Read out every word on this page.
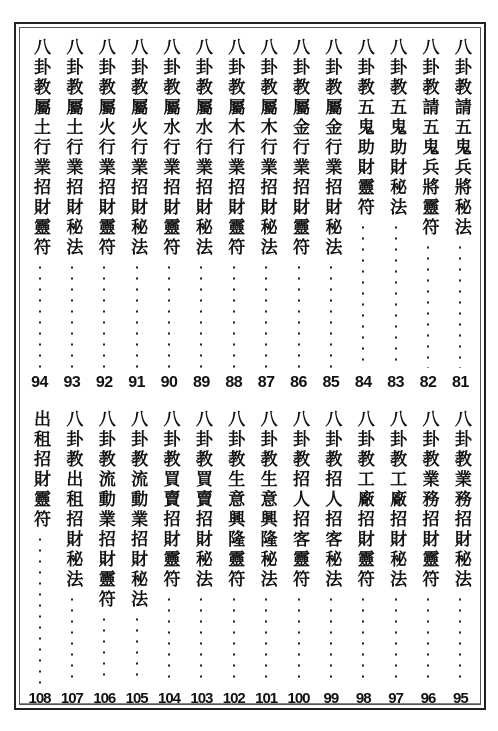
八卦教請五鬼兵將秘法
81
八卦教請五鬼兵將靈符
82
八卦教五鬼助財秘法
83
八卦教五鬼助財靈符
84
八卦教屬金行業招財秘法
85
八卦教屬金行業招財靈符
86
八卦教屬木行業招財秘法
87
八卦教屬木行業招財靈符
88
八卦教屬水行業招財秘法
89
八卦教屬水行業招財靈符
90
八卦教屬火行業招財秘法
91
八卦教屬火行業招財靈符
92
八卦教屬土行業招財秘法
93
八卦教屬土行業招財靈符
94
八卦教業務招財秘法
95
八卦教業務招財靈符
96
八卦教工廠招財秘法
97
八卦教工廠招財靈符
98
八卦教招人招客秘法
99
八卦教招人招客靈符
100
八卦教生意興隆秘法
101
八卦教生意興隆靈符
102
八卦教買賣招財秘法
103
八卦教買賣招財靈符
104
八卦教流動業招財秘法
105
八卦教流動業招財靈符
106
八卦教出租招財秘法
107
出租招財靈符
108
